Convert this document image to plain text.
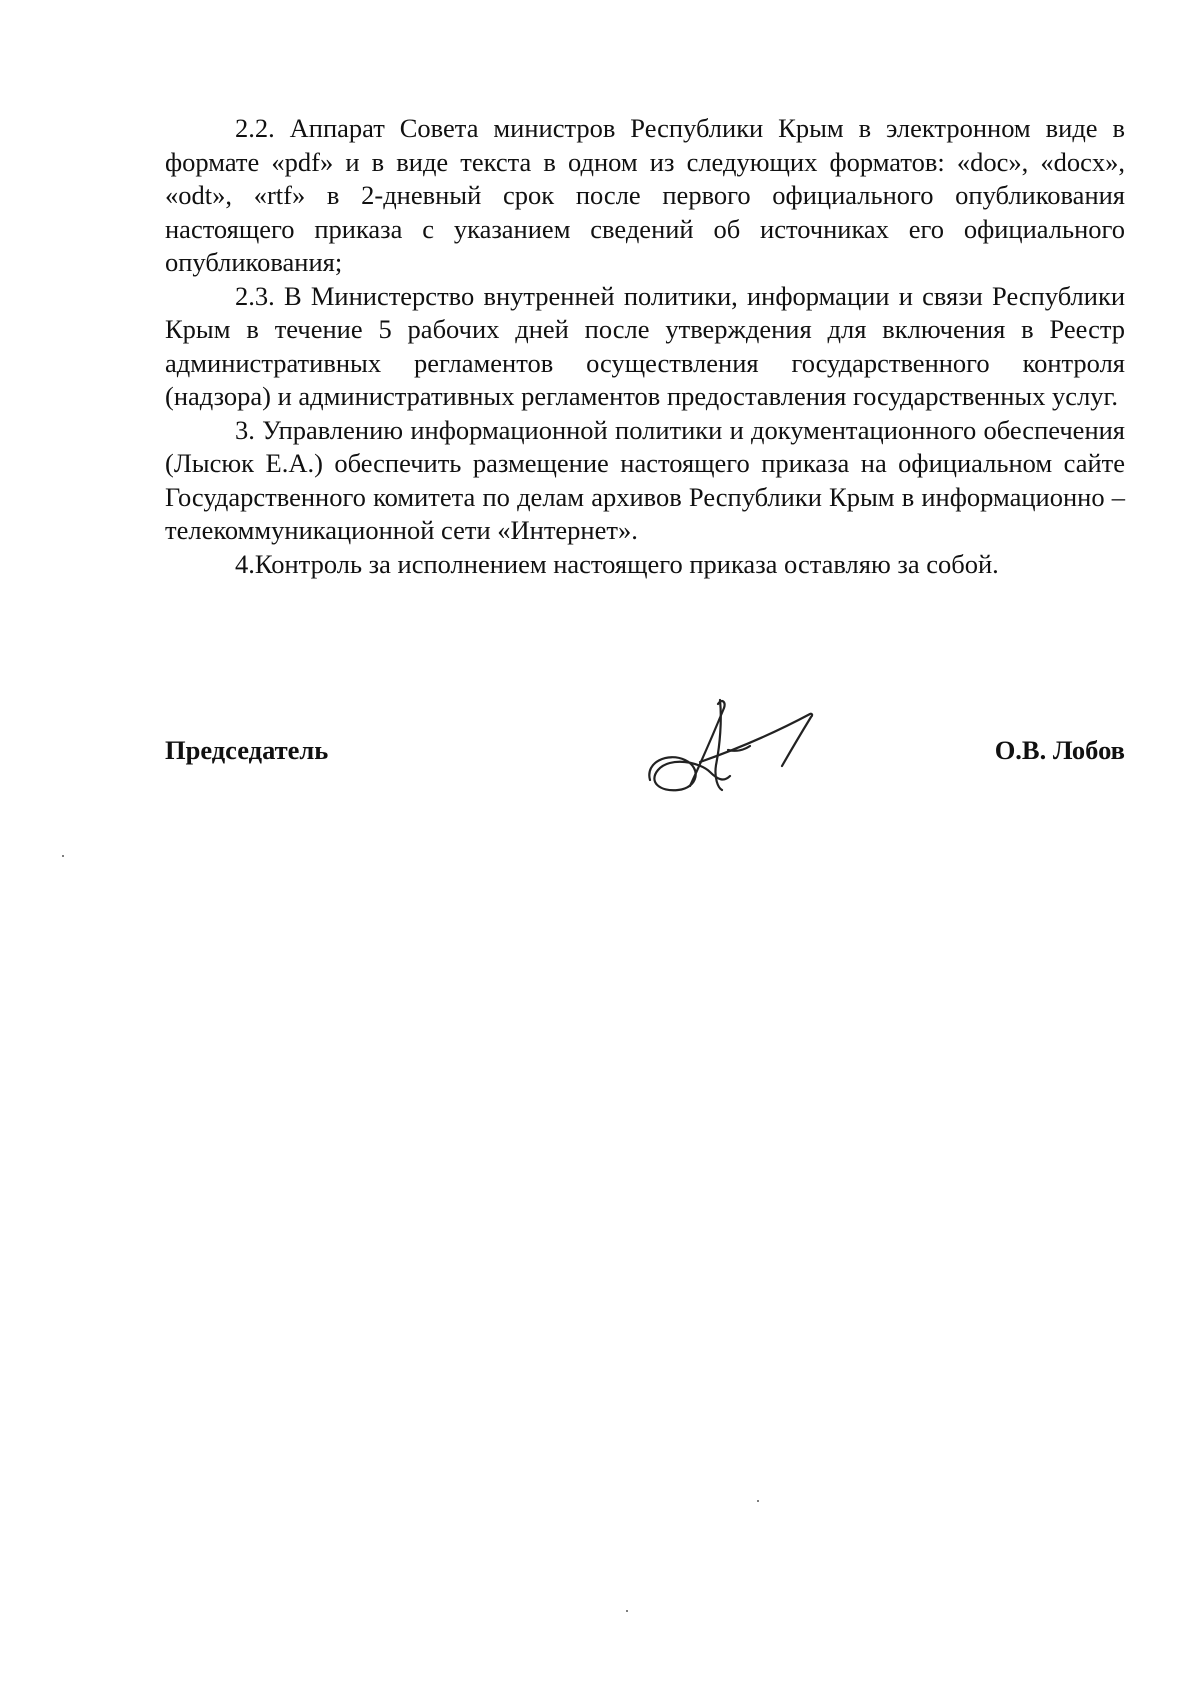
2.2. Аппарат Совета министров Республики Крым в электронном виде в формате «pdf» и в виде текста в одном из следующих форматов: «doc», «docx», «odt», «rtf» в 2-дневный срок после первого официального опубликования настоящего приказа с указанием сведений об источниках его официального опубликования;

2.3. В Министерство внутренней политики, информации и связи Республики Крым в течение 5 рабочих дней после утверждения для включения в Реестр административных регламентов осуществления государственного контроля (надзора) и административных регламентов предоставления государственных услуг.

3. Управлению информационной политики и документационного обеспечения (Лысюк Е.А.) обеспечить размещение настоящего приказа на официальном сайте Государственного комитета по делам архивов Республики Крым в информационно – телекоммуникационной сети «Интернет».

4.Контроль за исполнением настоящего приказа оставляю за собой.

Председатель	О.В. Лобов
